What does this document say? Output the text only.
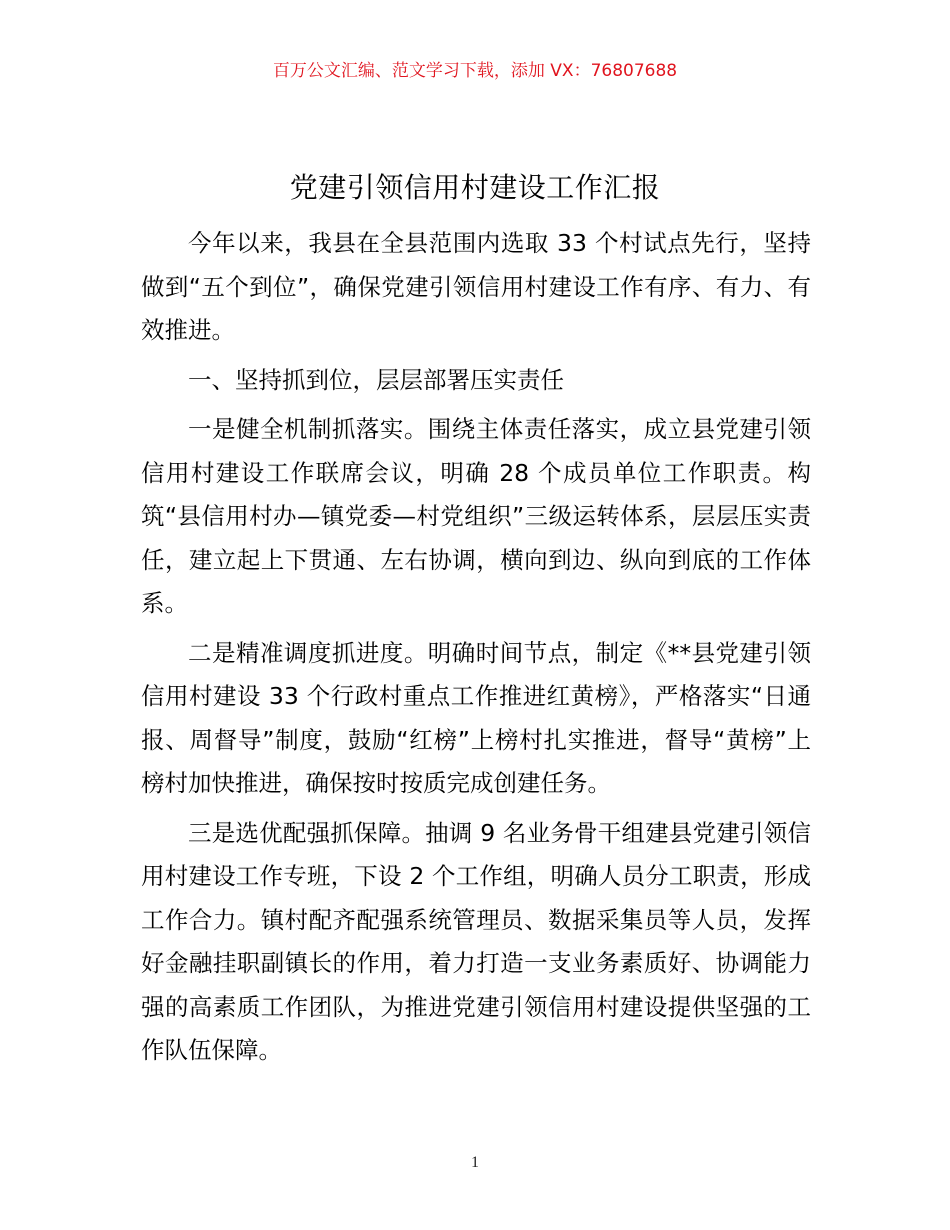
百万公文汇编、范文学习下载，添加 VX：76807688
党建引领信用村建设工作汇报

今年以来，我县在全县范围内选取 33 个村试点先行，坚持做到“五个到位”，确保党建引领信用村建设工作有序、有力、有效推进。

一、坚持抓到位，层层部署压实责任

一是健全机制抓落实。围绕主体责任落实，成立县党建引领信用村建设工作联席会议，明确 28 个成员单位工作职责。构筑“县信用村办—镇党委—村党组织”三级运转体系，层层压实责任，建立起上下贯通、左右协调，横向到边、纵向到底的工作体系。

二是精准调度抓进度。明确时间节点，制定《**县党建引领信用村建设 33 个行政村重点工作推进红黄榜》，严格落实“日通报、周督导”制度，鼓励“红榜”上榜村扎实推进，督导“黄榜”上榜村加快推进，确保按时按质完成创建任务。

三是选优配强抓保障。抽调 9 名业务骨干组建县党建引领信用村建设工作专班，下设 2 个工作组，明确人员分工职责，形成工作合力。镇村配齐配强系统管理员、数据采集员等人员，发挥好金融挂职副镇长的作用，着力打造一支业务素质好、协调能力强的高素质工作团队，为推进党建引领信用村建设提供坚强的工作队伍保障。

1
